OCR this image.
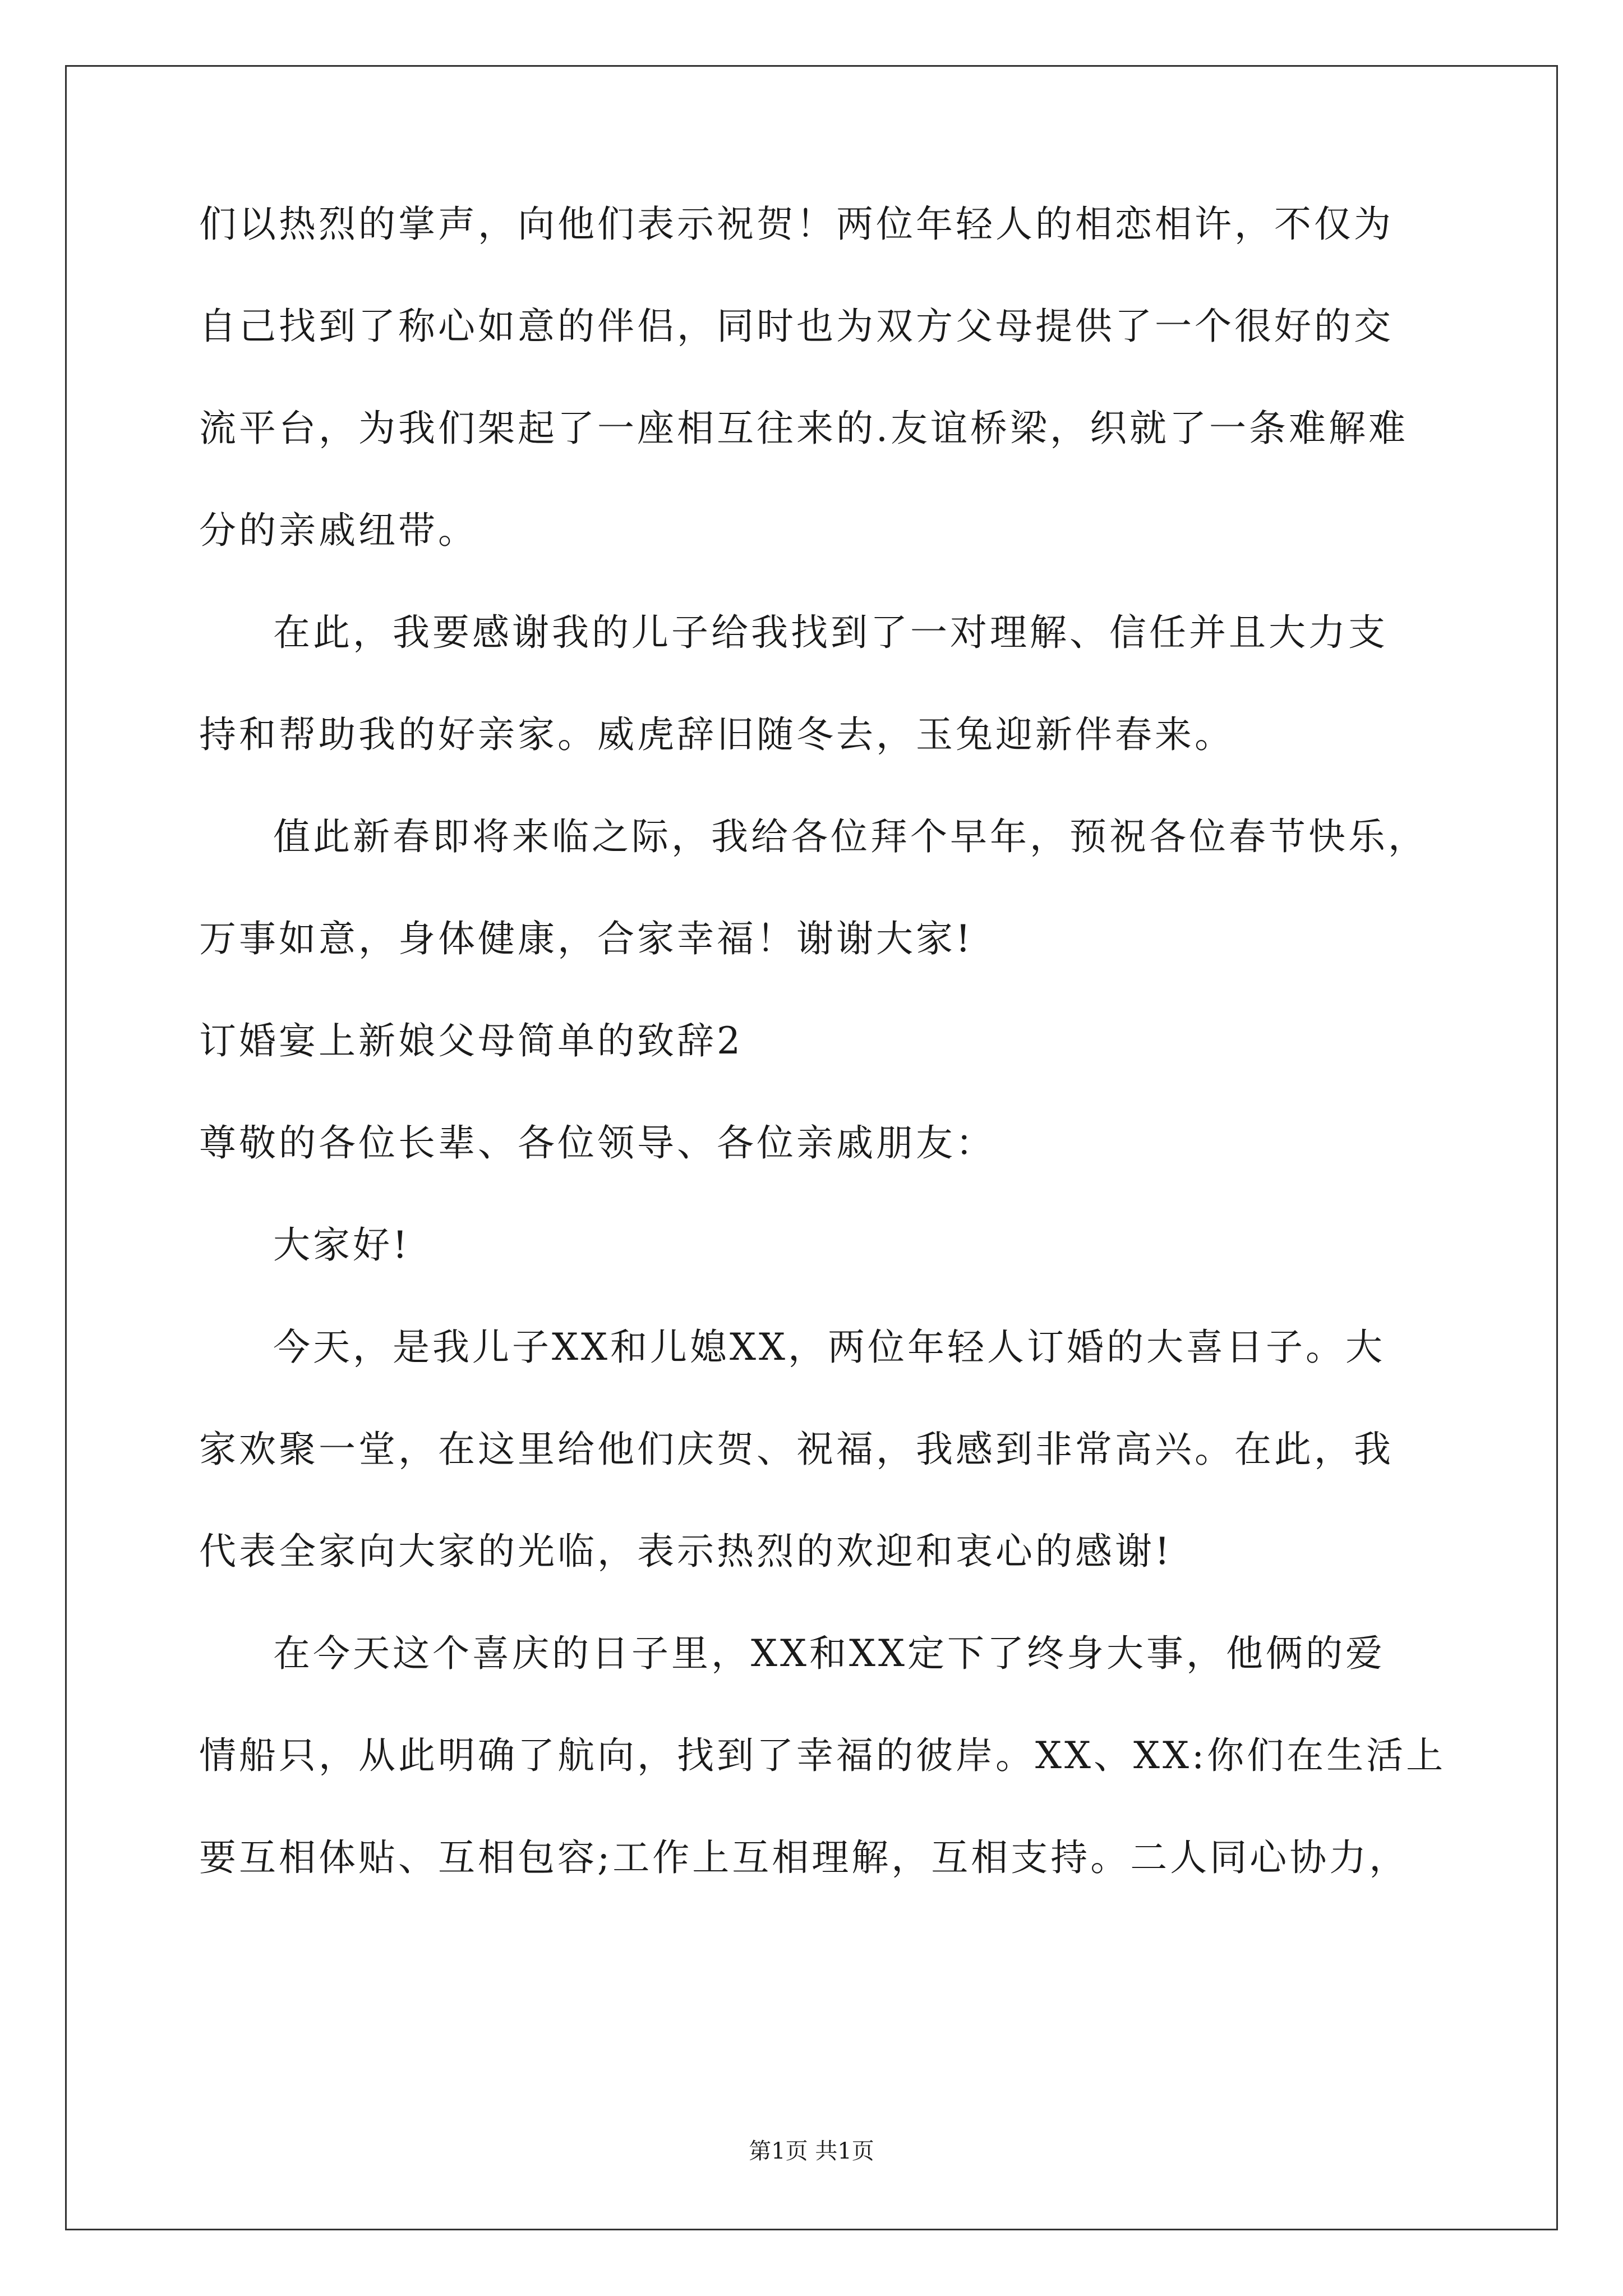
们以热烈的掌声，向他们表示祝贺！两位年轻人的相恋相许，不仅为
自己找到了称心如意的伴侣，同时也为双方父母提供了一个很好的交
流平台，为我们架起了一座相互往来的.友谊桥梁，织就了一条难解难
分的亲戚纽带。
在此，我要感谢我的儿子给我找到了一对理解、信任并且大力支
持和帮助我的好亲家。威虎辞旧随冬去，玉兔迎新伴春来。
值此新春即将来临之际，我给各位拜个早年，预祝各位春节快乐，
万事如意，身体健康，合家幸福！谢谢大家!
订婚宴上新娘父母简单的致辞2
尊敬的各位长辈、各位领导、各位亲戚朋友：
大家好!
今天，是我儿子XX和儿媳XX，两位年轻人订婚的大喜日子。大
家欢聚一堂，在这里给他们庆贺、祝福，我感到非常高兴。在此，我
代表全家向大家的光临，表示热烈的欢迎和衷心的感谢!
在今天这个喜庆的日子里，XX和XX定下了终身大事，他俩的爱
情船只，从此明确了航向，找到了幸福的彼岸。XX、XX:你们在生活上
要互相体贴、互相包容;工作上互相理解，互相支持。二人同心协力，
第1页 共1页
